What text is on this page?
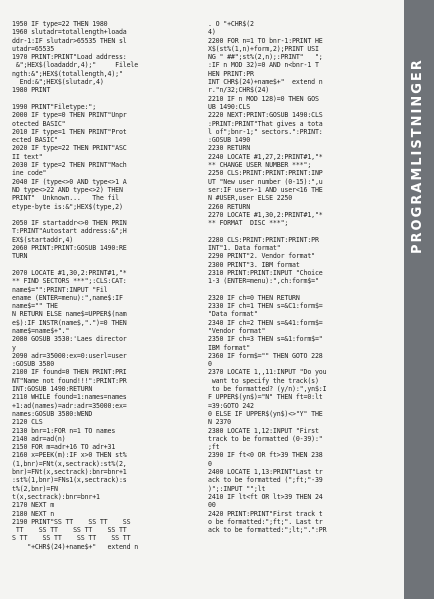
1950 IF type=22 THEN 1980
1960 slutadr=totallength+loada
ddr-1:IF slutadr>65535 THEN sl
utadr=65535
1970 PRINT:PRINT"Load address:
&";HEX$(loadaddr,4);"     Filele
ngth:&";HEX$(totallength,4);"
End:&";HEX$(slutadr,4)
1980 PRINT
1990 PRINT"Filetype:";
2000 IF type=0 THEN PRINT"Unpr
otected BASIC"
2010 IF type=1 THEN PRINT"Prot
ected BASIC"
2020 IF type=22 THEN PRINT"ASC
II text"
2030 IF type=2 THEN PRINT"Mach
ine code"
2040 IF (type<>0 AND type<>1 A
ND type<>22 AND type<>2) THEN
PRINT"  Unknown...   The fil
etype-byte is:&";HEX$(type,2)
2050 IF startaddr<>0 THEN PRIN
T:PRINT"Autostart address:&";H
EX$(startaddr,4)
2060 PRINT:PRINT:GOSUB 1490:RE
TURN
2070 LOCATE #1,30,2:PRINT#1,"*
** FIND SECTORS ***";:CLS:CAT:
name$="":PRINT:INPUT "Fil
ename (ENTER=menu):",name$:IF
name$="" THE
N RETURN ELSE name$=UPPER$(nam
e$):IF INSTR(name$,".")=0 THEN
name$=name$+"."
2080 GOSUB 3530:'Laes director
y
2090 adr=35000:ex=0:userl=user
:GOSUB 3580
2100 IF found=0 THEN PRINT:PRI
NT"Name not found!!!":PRINT:PR
INT:GOSUB 1490:RETURN
2110 WHILE found=1:names=names
+1:ad(names)=adr:adr=35000:ex=
names:GOSUB 3580:WEND
2120 CLS
2130 bnr=1:FOR n=1 TO names
2140 adr=ad(n)
2150 FOR m=adr+16 TO adr+31
2160 x=PEEK(m):IF x>0 THEN st%
(1,bnr)=FNt(x,sectrack):st%(2,
bnr)=FNt(x,sectrack):bnr=bnr+1
:st%(1,bnr)=FNs1(x,sectrack):s
t%(2,bnr)=FN
t(x,sectrack):bnr=bnr+1
2170 NEXT m
2180 NEXT n
2190 PRINT"SS TT    SS TT    SS
TT    SS TT    SS TT    SS TT
S TT    SS TT    SS TT    SS TT
"+CHR$(24)+name$+"   extend n
. O "+CHR$(2
4)
2200 FOR n=1 TO bnr-1:PRINT HE
X$(st%(1,n)+form,2);PRINT USI
NG " ##";st%(2,n);:PRINT"   ";
:IF n MOD 32)=0 AND n<bnr-1 T
HEN PRINT:PR
INT CHR$(24)+name$+"  extend n
r."n/32;CHR$(24)
2210 IF n MOD 128)=0 THEN GOS
UB 1490:CLS
2220 NEXT:PRINT:GOSUB 1490:CLS
:PRINT:PRINT"That gives a tota
l of";bnr-1;" sectors.":PRINT:
:GOSUB 1490
2230 RETURN
2240 LOCATE #1,27,2:PRINT#1,"*
** CHANGE USER NUMBER ***";
2250 CLS:PRINT:PRINT:PRINT:INP
UT "New user number (0-15):",u
ser:IF user>-1 AND user<16 THE
N #USER,user ELSE 2250
2260 RETURN
2270 LOCATE #1,30,2:PRINT#1,"*
** FORMAT  DISC ***";
2280 CLS:PRINT:PRINT:PRINT:PR
INT"1. Data format"
2290 PRINT"2. Vendor format"
2300 PRINT"3. IBM format
2310 PRINT:PRINT:INPUT "Choice
1-3 (ENTER=menu):",ch:form$="
2320 IF ch=0 THEN RETURN
2330 IF ch=1 THEN s=&C1:form$=
"Data format"
2340 IF ch=2 THEN s=&41:form$=
"Vendor format"
2350 IF ch=3 THEN s=&1:form$="
IBM format"
2360 IF form$="" THEN GOTO 228
0
2370 LOCATE 1,,11:INPUT "Do you
want to specify the track(s)
to be formatted? (y/n):",yn$:I
F UPPER$(yn$)="N" THEN ft=0:lt
=39:GOTO 242
0 ELSE IF UPPER$(yn$)<>"Y" THE
N 2370
2380 LOCATE 1,12:INPUT "First
track to be formatted (0-39):"
;ft
2390 IF ft<0 OR ft>39 THEN 238
0
2400 LOCATE 1,13:PRINT"Last tr
ack to be formatted (";ft;"-39
)";:INPUT "";lt
2410 IF lt<ft OR lt>39 THEN 24
00
2420 PRINT:PRINT"First track t
o be formatted:";ft;". Last tr
ack to be formatted:";lt;".":PR
PROGRAMLISTNINGER
